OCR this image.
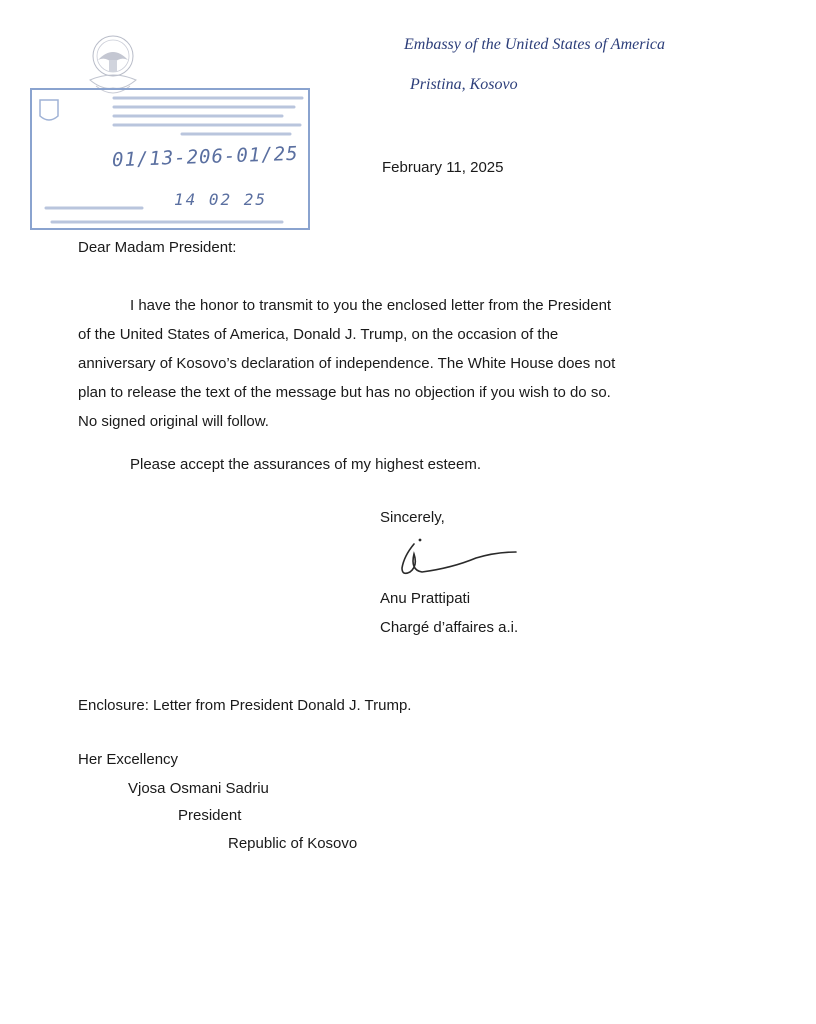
Embassy of the United States of America
Pristina, Kosovo
01/13-206-01/25
14 02 25
February 11, 2025
Dear Madam President:
I have the honor to transmit to you the enclosed letter from the President
of the United States of America, Donald J. Trump, on the occasion of the
anniversary of Kosovo’s declaration of independence. The White House does not
plan to release the text of the message but has no objection if you wish to do so.
No signed original will follow.
Please accept the assurances of my highest esteem.
Sincerely,
Anu Prattipati
Chargé d’affaires a.i.
Enclosure: Letter from President Donald J. Trump.
Her Excellency
Vjosa Osmani Sadriu
President
Republic of Kosovo
